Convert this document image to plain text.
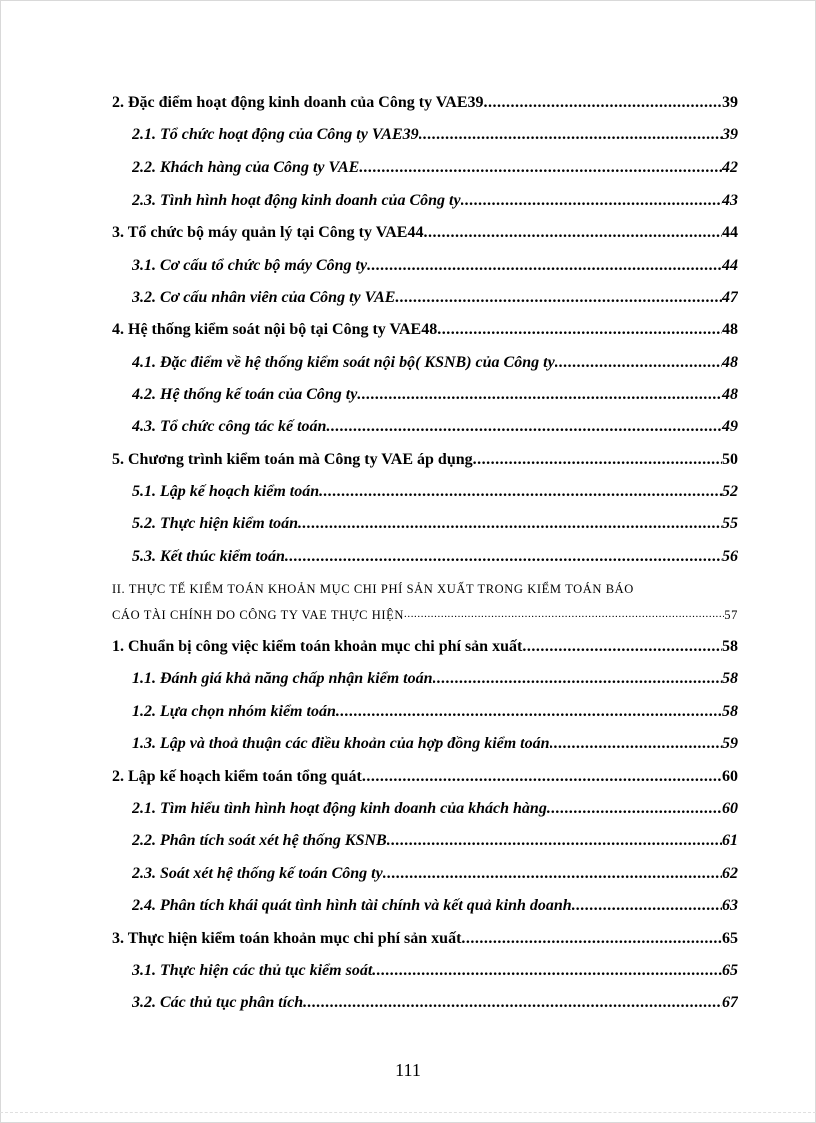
2. Đặc điểm hoạt động kinh doanh của Công ty VAE39 .....	39
2.1. Tổ chức hoạt động của Công ty VAE39 .....	39
2.2. Khách hàng của Công ty VAE .....	42
2.3. Tình hình hoạt động kinh doanh của Công ty .....	43
3. Tổ chức bộ máy quản lý tại Công ty VAE44 .....	44
3.1. Cơ cấu tổ chức bộ máy Công ty .....	44
3.2. Cơ cấu nhân viên của Công ty VAE .....	47
4. Hệ thống kiểm soát nội bộ tại Công ty VAE48 .....	48
4.1. Đặc điểm về hệ thống kiểm soát nội bộ( KSNB) của Công ty .....	48
4.2. Hệ thống kế toán của Công ty .....	48
4.3. Tổ chức công tác kế toán .....	49
5. Chương trình kiểm toán mà Công ty VAE áp dụng .....	50
5.1. Lập kế hoạch kiểm toán .....	52
5.2. Thực hiện kiểm toán .....	55
5.3. Kết thúc kiểm toán .....	56
II. THỰC TẾ KIỂM TOÁN KHOẢN MỤC CHI PHÍ SẢN XUẤT TRONG KIỂM TOÁN BÁO
CÁO TÀI CHÍNH DO CÔNG TY VAE THỰC HIỆN .....	57
1. Chuẩn bị công việc kiểm toán khoản mục chi phí sản xuất .....	58
1.1. Đánh giá khả năng chấp nhận kiểm toán .....	58
1.2. Lựa chọn nhóm kiểm toán .....	58
1.3. Lập và thoả thuận các điều khoản của hợp đồng kiểm toán .....	59
2. Lập kế hoạch kiểm toán tổng quát .....	60
2.1. Tìm hiểu tình hình hoạt động kinh doanh của khách hàng .....	60
2.2. Phân tích soát xét hệ thống KSNB .....	61
2.3. Soát xét hệ thống kế toán Công ty .....	62
2.4. Phân tích khái quát tình hình tài chính và kết quả kinh doanh .....	63
3. Thực hiện kiểm toán khoản mục chi phí sản xuất .....	65
3.1. Thực hiện các thủ tục kiểm soát .....	65
3.2. Các thủ tục phân tích .....	67
111
